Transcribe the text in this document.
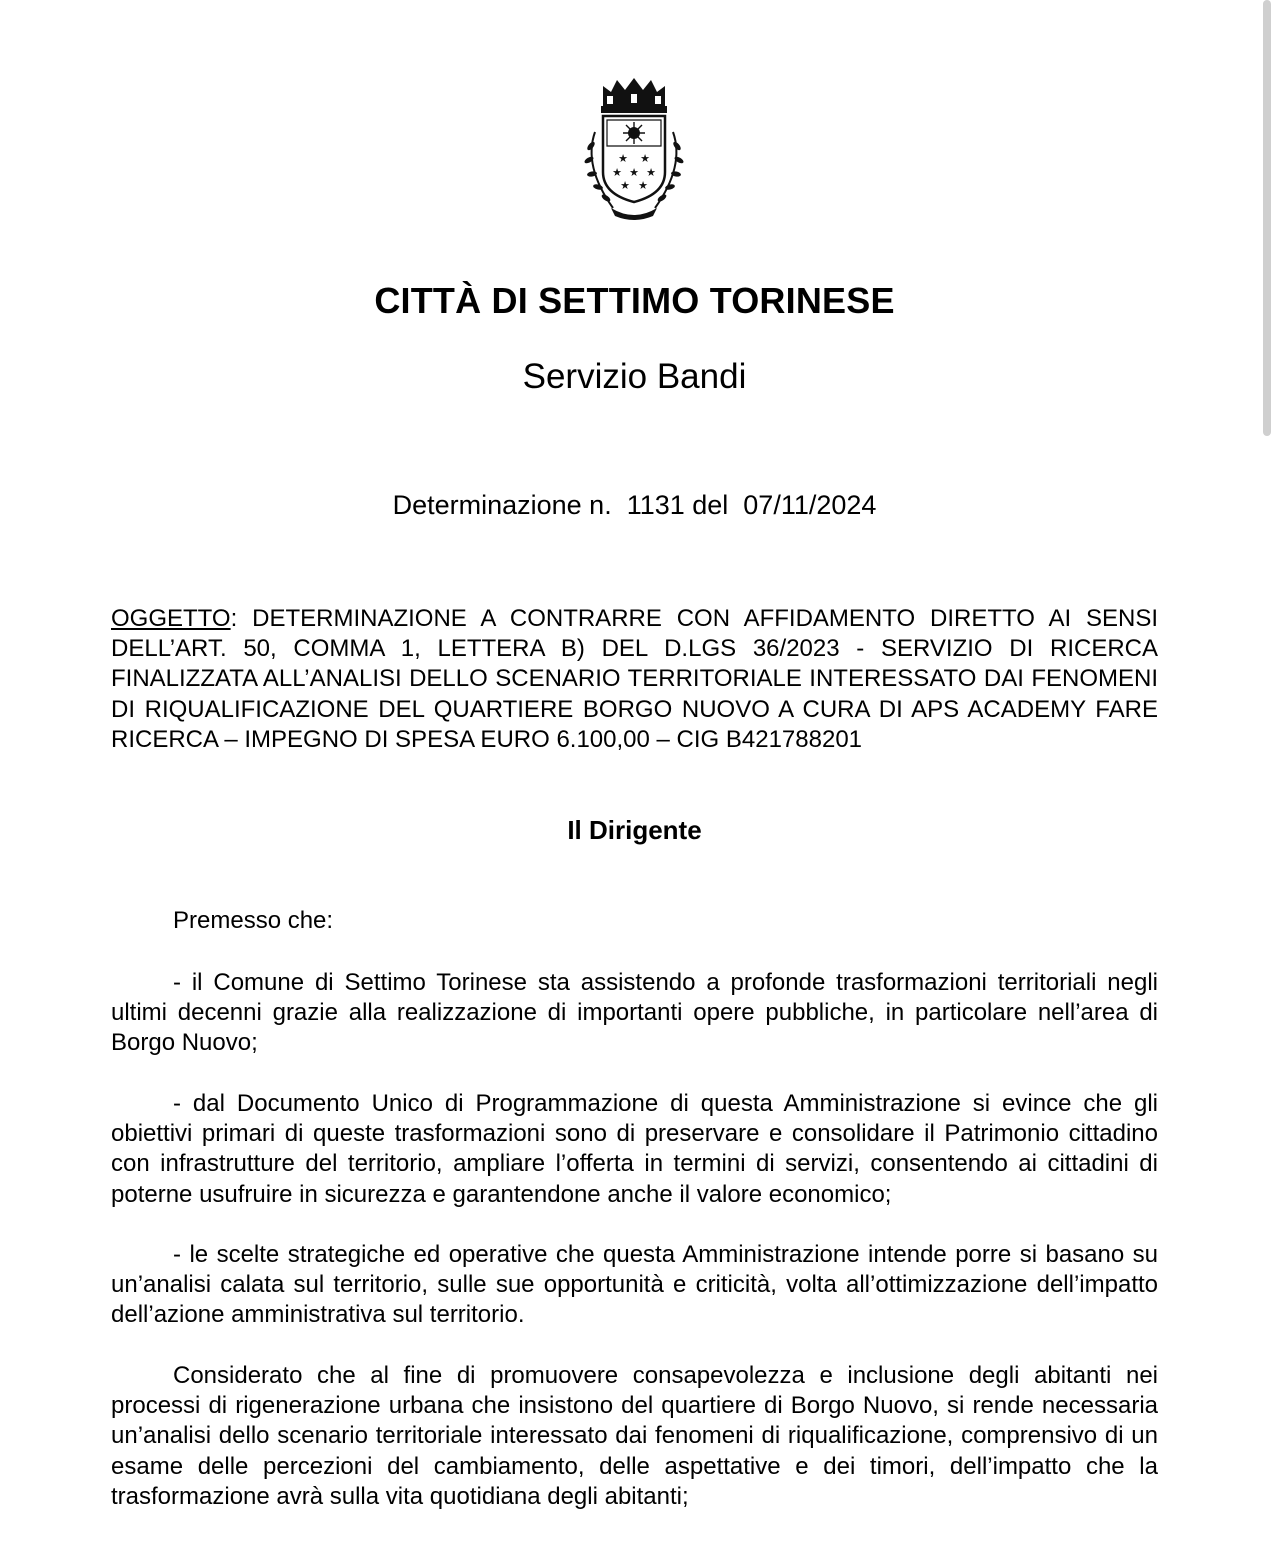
★ ★
★ ★ ★
★ ★
CITTÀ DI SETTIMO TORINESE
Servizio Bandi
Determinazione n.  1131 del  07/11/2024
OGGETTO: DETERMINAZIONE A CONTRARRE CON AFFIDAMENTO DIRETTO AI SENSI DELL’ART. 50, COMMA 1, LETTERA B) DEL D.LGS 36/2023 - SERVIZIO DI RICERCA FINALIZZATA ALL’ANALISI DELLO SCENARIO TERRITORIALE INTERESSATO DAI FENOMENI DI RIQUALIFICAZIONE DEL QUARTIERE BORGO NUOVO A CURA DI APS ACADEMY FARE RICERCA – IMPEGNO DI SPESA EURO 6.100,00 – CIG B421788201
Il Dirigente
Premesso che:
- il Comune di Settimo Torinese sta assistendo a profonde trasformazioni territoriali negli ultimi decenni grazie alla realizzazione di importanti opere pubbliche, in particolare nell’area di Borgo Nuovo;
- dal Documento Unico di Programmazione di questa Amministrazione si evince che gli obiettivi primari di queste trasformazioni sono di preservare e consolidare il Patrimonio cittadino con infrastrutture del territorio, ampliare l’offerta in termini di servizi, consentendo ai cittadini di poterne usufruire in sicurezza e garantendone anche il valore economico;
- le scelte strategiche ed operative che questa Amministrazione intende porre si basano su un’analisi calata sul territorio, sulle sue opportunità e criticità, volta all’ottimizzazione dell’impatto dell’azione amministrativa sul territorio.
Considerato che al fine di promuovere consapevolezza e inclusione degli abitanti nei processi di rigenerazione urbana che insistono del quartiere di Borgo Nuovo, si rende necessaria un’analisi dello scenario territoriale interessato dai fenomeni di riqualificazione, comprensivo di un esame delle percezioni del cambiamento, delle aspettative e dei timori, dell’impatto che la trasformazione avrà sulla vita quotidiana degli abitanti;
